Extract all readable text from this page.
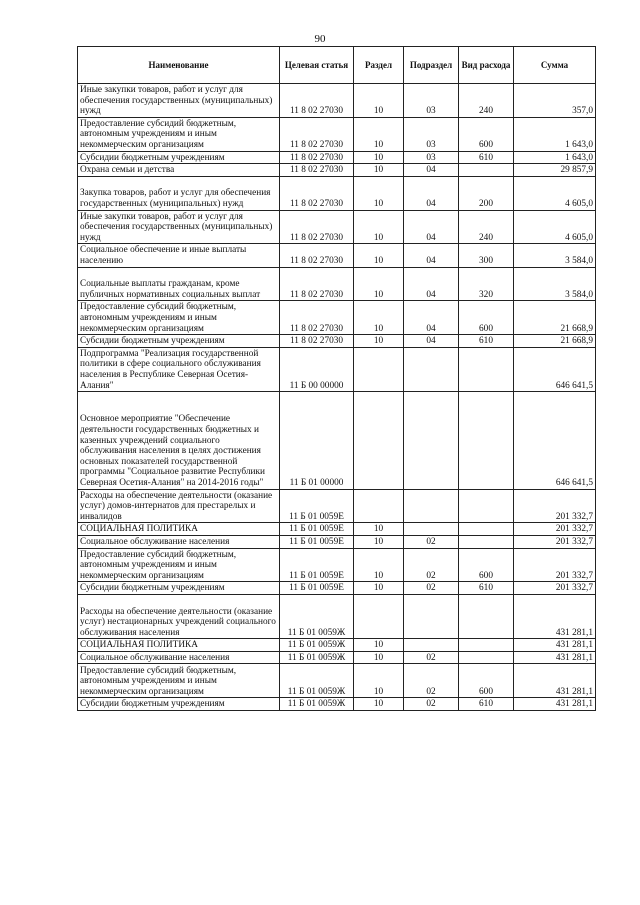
90
Наименование	Целевая статья	Раздел	Подраздел	Вид расхода	Сумма
Иные закупки товаров, работ и услуг для обеспечения государственных (муниципальных) нужд	11 8 02 27030	10	03	240	357,0
Предоставление субсидий бюджетным, автономным учреждениям и иным некоммерческим организациям	11 8 02 27030	10	03	600	1 643,0
Субсидии бюджетным учреждениям	11 8 02 27030	10	03	610	1 643,0
Охрана семьи и детства	11 8 02 27030	10	04		29 857,9
Закупка товаров, работ и услуг для обеспечения государственных (муниципальных) нужд	11 8 02 27030	10	04	200	4 605,0
Иные закупки товаров, работ и услуг для обеспечения государственных (муниципальных) нужд	11 8 02 27030	10	04	240	4 605,0
Социальное обеспечение и иные выплаты населению	11 8 02 27030	10	04	300	3 584,0
Социальные выплаты гражданам, кроме публичных нормативных социальных выплат	11 8 02 27030	10	04	320	3 584,0
Предоставление субсидий бюджетным, автономным учреждениям и иным некоммерческим организациям	11 8 02 27030	10	04	600	21 668,9
Субсидии бюджетным учреждениям	11 8 02 27030	10	04	610	21 668,9
Подпрограмма "Реализация государственной политики в сфере социального обслуживания населения в Республике Северная Осетия-Алания"	11 Б 00 00000				646 641,5
Основное мероприятие "Обеспечение деятельности государственных бюджетных и казенных учреждений социального обслуживания населения в целях достижения основных показателей государственной программы "Социальное развитие Республики Северная Осетия-Алания" на 2014-2016 годы"	11 Б 01 00000				646 641,5
Расходы на обеспечение деятельности (оказание услуг) домов-интернатов для престарелых и инвалидов	11 Б 01 0059Е				201 332,7
СОЦИАЛЬНАЯ ПОЛИТИКА	11 Б 01 0059Е	10			201 332,7
Социальное обслуживание населения	11 Б 01 0059Е	10	02		201 332,7
Предоставление субсидий бюджетным, автономным учреждениям и иным некоммерческим организациям	11 Б 01 0059Е	10	02	600	201 332,7
Субсидии бюджетным учреждениям	11 Б 01 0059Е	10	02	610	201 332,7
Расходы на обеспечение деятельности (оказание услуг) нестационарных учреждений социального обслуживания населения	11 Б 01 0059Ж				431 281,1
СОЦИАЛЬНАЯ ПОЛИТИКА	11 Б 01 0059Ж	10			431 281,1
Социальное обслуживание населения	11 Б 01 0059Ж	10	02		431 281,1
Предоставление субсидий бюджетным, автономным учреждениям и иным некоммерческим организациям	11 Б 01 0059Ж	10	02	600	431 281,1
Субсидии бюджетным учреждениям	11 Б 01 0059Ж	10	02	610	431 281,1
